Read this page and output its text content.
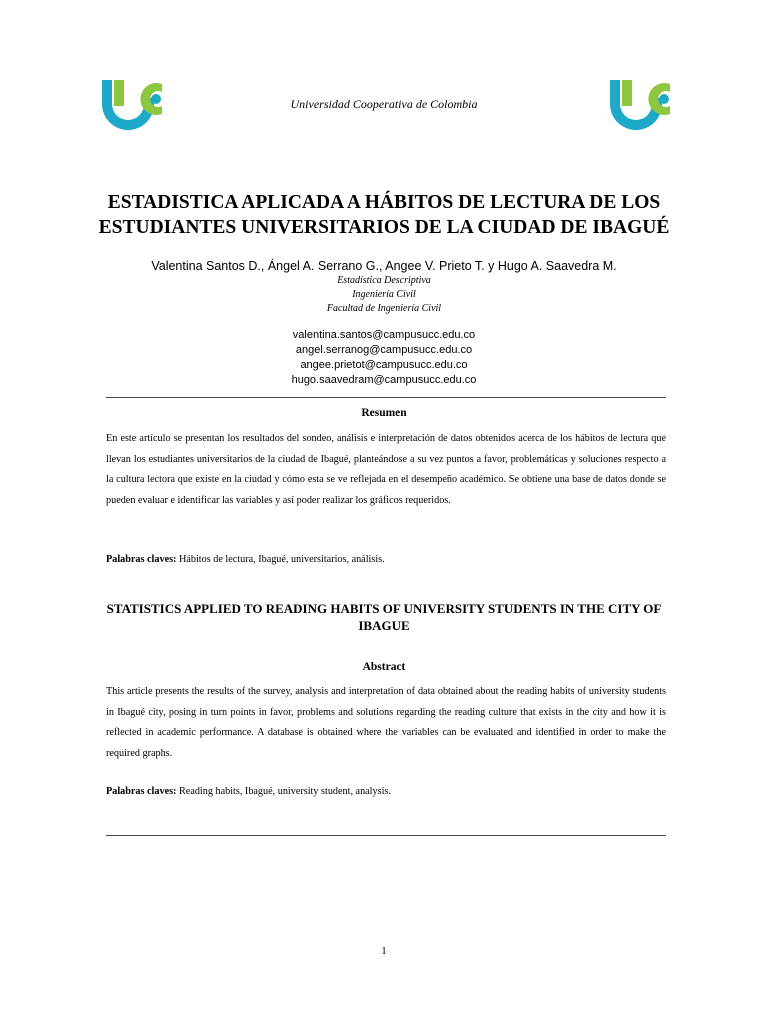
Universidad Cooperativa de Colombia
ESTADISTICA APLICADA A HÁBITOS DE LECTURA DE LOS
ESTUDIANTES UNIVERSITARIOS DE LA CIUDAD DE IBAGUÉ
Valentina Santos D., Ángel A. Serrano G., Angee V. Prieto T. y Hugo A. Saavedra M.
Estadística Descriptiva
Ingeniería Civil
Facultad de Ingeniería Civil
valentina.santos@campusucc.edu.co
angel.serranog@campusucc.edu.co
angee.prietot@campusucc.edu.co
hugo.saavedram@campusucc.edu.co
Resumen

En este artículo se presentan los resultados del sondeo, análisis e interpretación de datos obtenidos acerca de los hábitos de lectura que llevan los estudiantes universitarios de la ciudad de Ibagué, planteándose a su vez puntos a favor, problemáticas y soluciones respecto a la cultura lectora que existe en la ciudad y cómo esta se ve reflejada en el desempeño académico. Se obtiene una base de datos donde se pueden evaluar e identificar las variables y así poder realizar los gráficos requeridos.

Palabras claves: Hábitos de lectura, Ibagué, universitarios, análisis.

STATISTICS APPLIED TO READING HABITS OF UNIVERSITY STUDENTS IN THE CITY OF
IBAGUE
Abstract

This article presents the results of the survey, analysis and interpretation of data obtained about the reading habits of university students in Ibagué city, posing in turn points in favor, problems and solutions regarding the reading culture that exists in the city and how it is reflected in academic performance. A database is obtained where the variables can be evaluated and identified in order to make the required graphs.

Palabras claves: Reading habits, Ibagué, university student, analysis.

1
